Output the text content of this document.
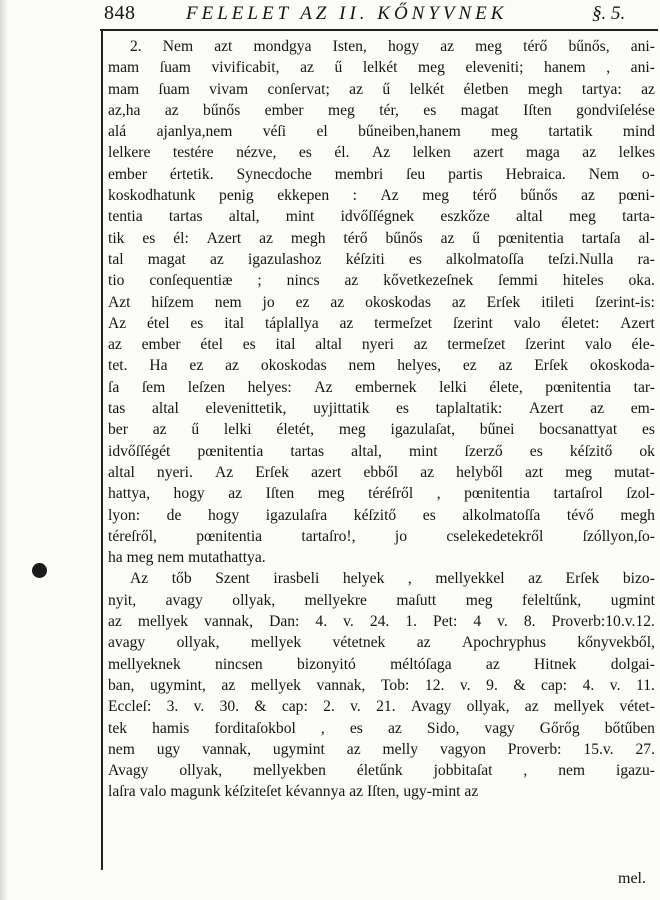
848	FELELET AZ II. KŐNYVNEK	§. 5.
2. Nem azt mondgya Isten, hogy az meg térő bűnős, ani-
mam ſuam vivificabit, az ű lelkét meg eleveniti; hanem , ani-
mam ſuam vivam conſervat; az ű lelkét életben megh tartya: az
az,ha az bűnős ember meg tér, es magat Iſten gondviſelése
alá ajanlya,nem véſi el bűneiben,hanem meg tartatik mind
lelkere testére nézve, es él. Az lelken azert maga az lelkes
ember értetik. Synecdoche membri ſeu partis Hebraica. Nem o-
koskodhatunk penig ekkepen : Az meg térő bűnős az pœni-
tentia tartas altal, mint idvőſſégnek eszkőze altal meg tarta-
tik es él: Azert az megh térő bűnős az ű pœnitentia tartaſa al-
tal magat az igazulashoz kéſziti es alkolmatoſſa teſzi.Nulla ra-
tio conſequentiæ ; nincs az kővetkezeſnek ſemmi hiteles oka.
Azt hiſzem nem jo ez az okoskodas az Erſek itileti ſzerint-is:
Az étel es ital táplallya az termeſzet ſzerint valo életet: Azert
az ember étel es ital altal nyeri az termeſzet ſzerint valo éle-
tet. Ha ez az okoskodas nem helyes, ez az Erſek okoskoda-
ſa ſem leſzen helyes: Az embernek lelki élete, pœnitentia tar-
tas altal elevenittetik, uyjittatik es taplaltatik: Azert az em-
ber az ű lelki életét, meg igazulaſat, bűnei bocsanattyat es
idvőſſégét pœnitentia tartas altal, mint ſzerző es kéſzitő ok
altal nyeri. Az Erſek azert ebből az helyből azt meg mutat-
hattya, hogy az Iſten meg téréſről , pœnitentia tartaſrol ſzol-
lyon: de hogy igazulaſra kéſzitő es alkolmatoſſa tévő megh
téreſről,	pœnitentia	tartaſro!,	jo	cselekedetekről	ſzóllyon,ſo-
ha meg nem mutathattya.
Az tőb Szent irasbeli helyek , mellyekkel az Erſek bizo-
nyit, avagy ollyak, mellyekre maſutt meg feleltűnk, ugmint
az mellyek vannak, Dan: 4. v. 24. 1. Pet: 4 v. 8. Proverb:10.v.12.
avagy ollyak, mellyek vétetnek az Apochryphus kőnyvekből,
mellyeknek nincsen bizonyitó méltóſaga az Hitnek dolgai-
ban, ugymint, az mellyek vannak, Tob: 12. v. 9. & cap: 4. v. 11.
Eccleſ: 3. v. 30. & cap: 2. v. 21. Avagy ollyak, az mellyek vétet-
tek hamis forditaſokbol , es az Sido, vagy Gőrőg bőtűben
nem ugy vannak, ugymint az melly vagyon Proverb: 15.v. 27.
Avagy ollyak, mellyekben életűnk jobbitaſat , nem igazu-
laſra valo magunk kéſziteſet kévannya az Iſten, ugy-mint az
mel.
